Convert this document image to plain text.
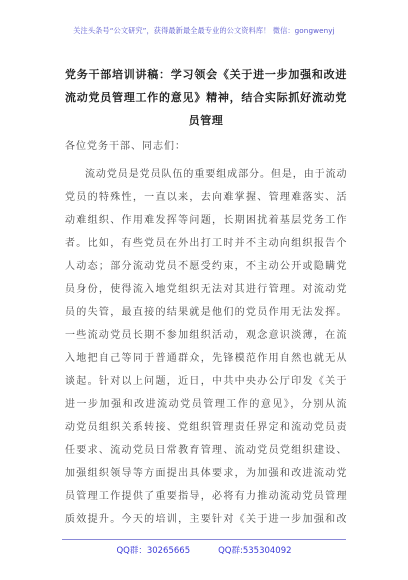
关注头条号“公文研究”，获得最新最全最专业的公文资料库！ 微信：gongwenyj
党务干部培训讲稿：学习领会《关于进一步加强和改进流动党员管理工作的意见》精神，结合实际抓好流动党员管理
各位党务干部、同志们：
流动党员是党员队伍的重要组成部分。但是，由于流动
党员的特殊性，一直以来，去向难掌握、管理难落实、活
动难组织、作用难发挥等问题，长期困扰着基层党务工作
者。比如，有些党员在外出打工时并不主动向组织报告个
人动态；部分流动党员不愿受约束，不主动公开或隐瞒党
员身份，使得流入地党组织无法对其进行管理。对流动党
员的失管，最直接的结果就是他们的党员作用无法发挥。
一些流动党员长期不参加组织活动，观念意识淡薄，在流
入地把自己等同于普通群众，先锋模范作用自然也就无从
谈起。针对以上问题，近日，中共中央办公厅印发《关于
进一步加强和改进流动党员管理工作的意见》，分别从流
动党员组织关系转接、党组织管理责任界定和流动党员责
任要求、流动党员日常教育管理、流动党员党组织建设、
加强组织领导等方面提出具体要求，为加强和改进流动党
员管理工作提供了重要指导，必将有力推动流动党员管理
质效提升。今天的培训，主要针对《关于进一步加强和改
QQ群：30265665	QQ群:535304092
